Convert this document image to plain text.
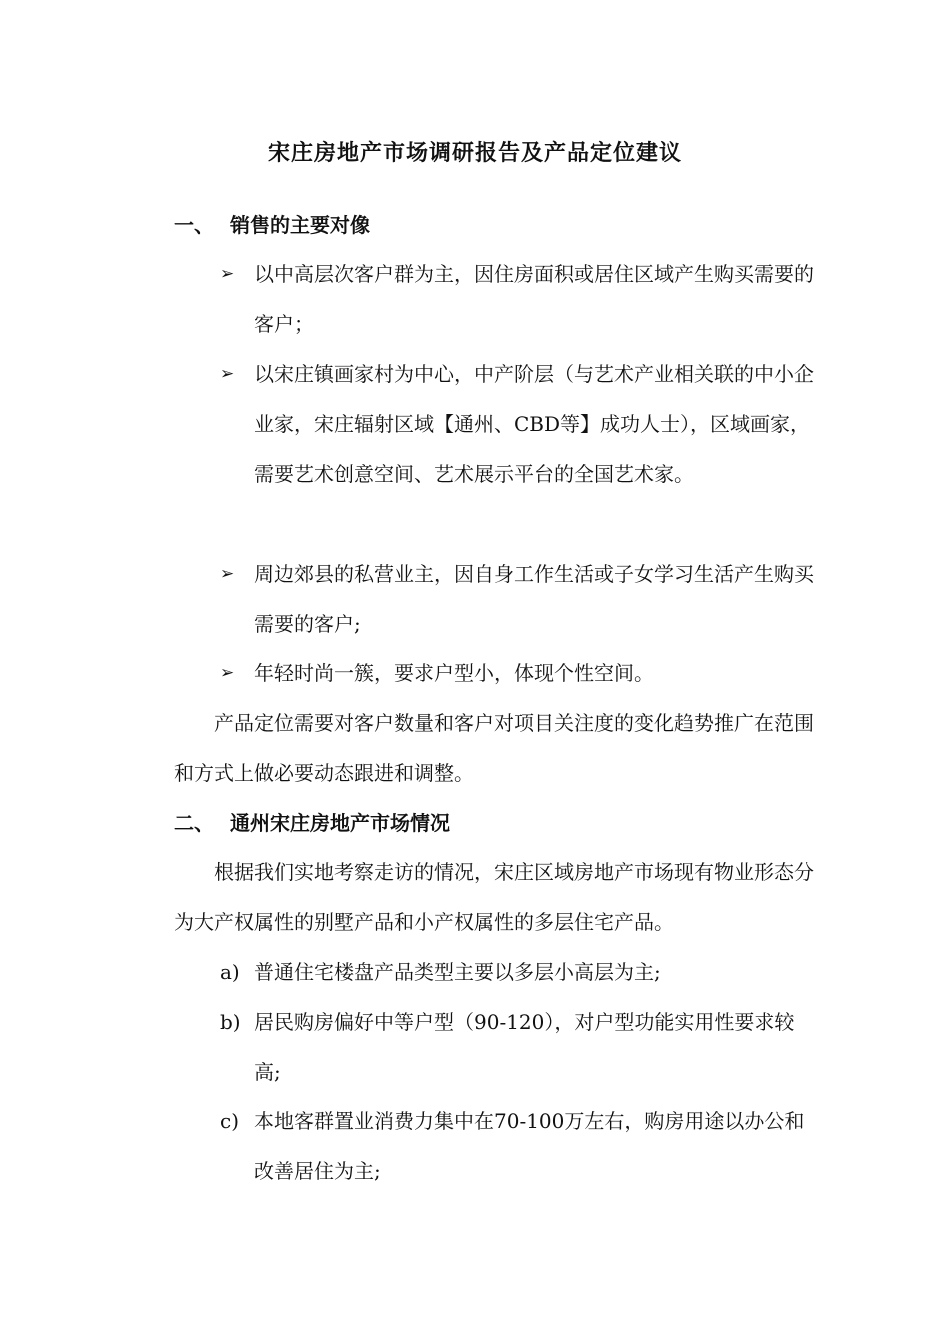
宋庄房地产市场调研报告及产品定位建议
一、 销售的主要对像
➢ 以中高层次客户群为主，因住房面积或居住区域产生购买需要的客户；
➢ 以宋庄镇画家村为中心，中产阶层（与艺术产业相关联的中小企业家，宋庄辐射区域【通州、CBD等】成功人士），区域画家，需要艺术创意空间、艺术展示平台的全国艺术家。
➢ 周边郊县的私营业主，因自身工作生活或子女学习生活产生购买需要的客户;
➢ 年轻时尚一簇，要求户型小，体现个性空间。
产品定位需要对客户数量和客户对项目关注度的变化趋势推广在范围和方式上做必要动态跟进和调整。
二、 通州宋庄房地产市场情况
根据我们实地考察走访的情况，宋庄区域房地产市场现有物业形态分为大产权属性的别墅产品和小产权属性的多层住宅产品。
a) 普通住宅楼盘产品类型主要以多层小高层为主;
b) 居民购房偏好中等户型（90-120），对户型功能实用性要求较高;
c) 本地客群置业消费力集中在70-100万左右，购房用途以办公和改善居住为主;
